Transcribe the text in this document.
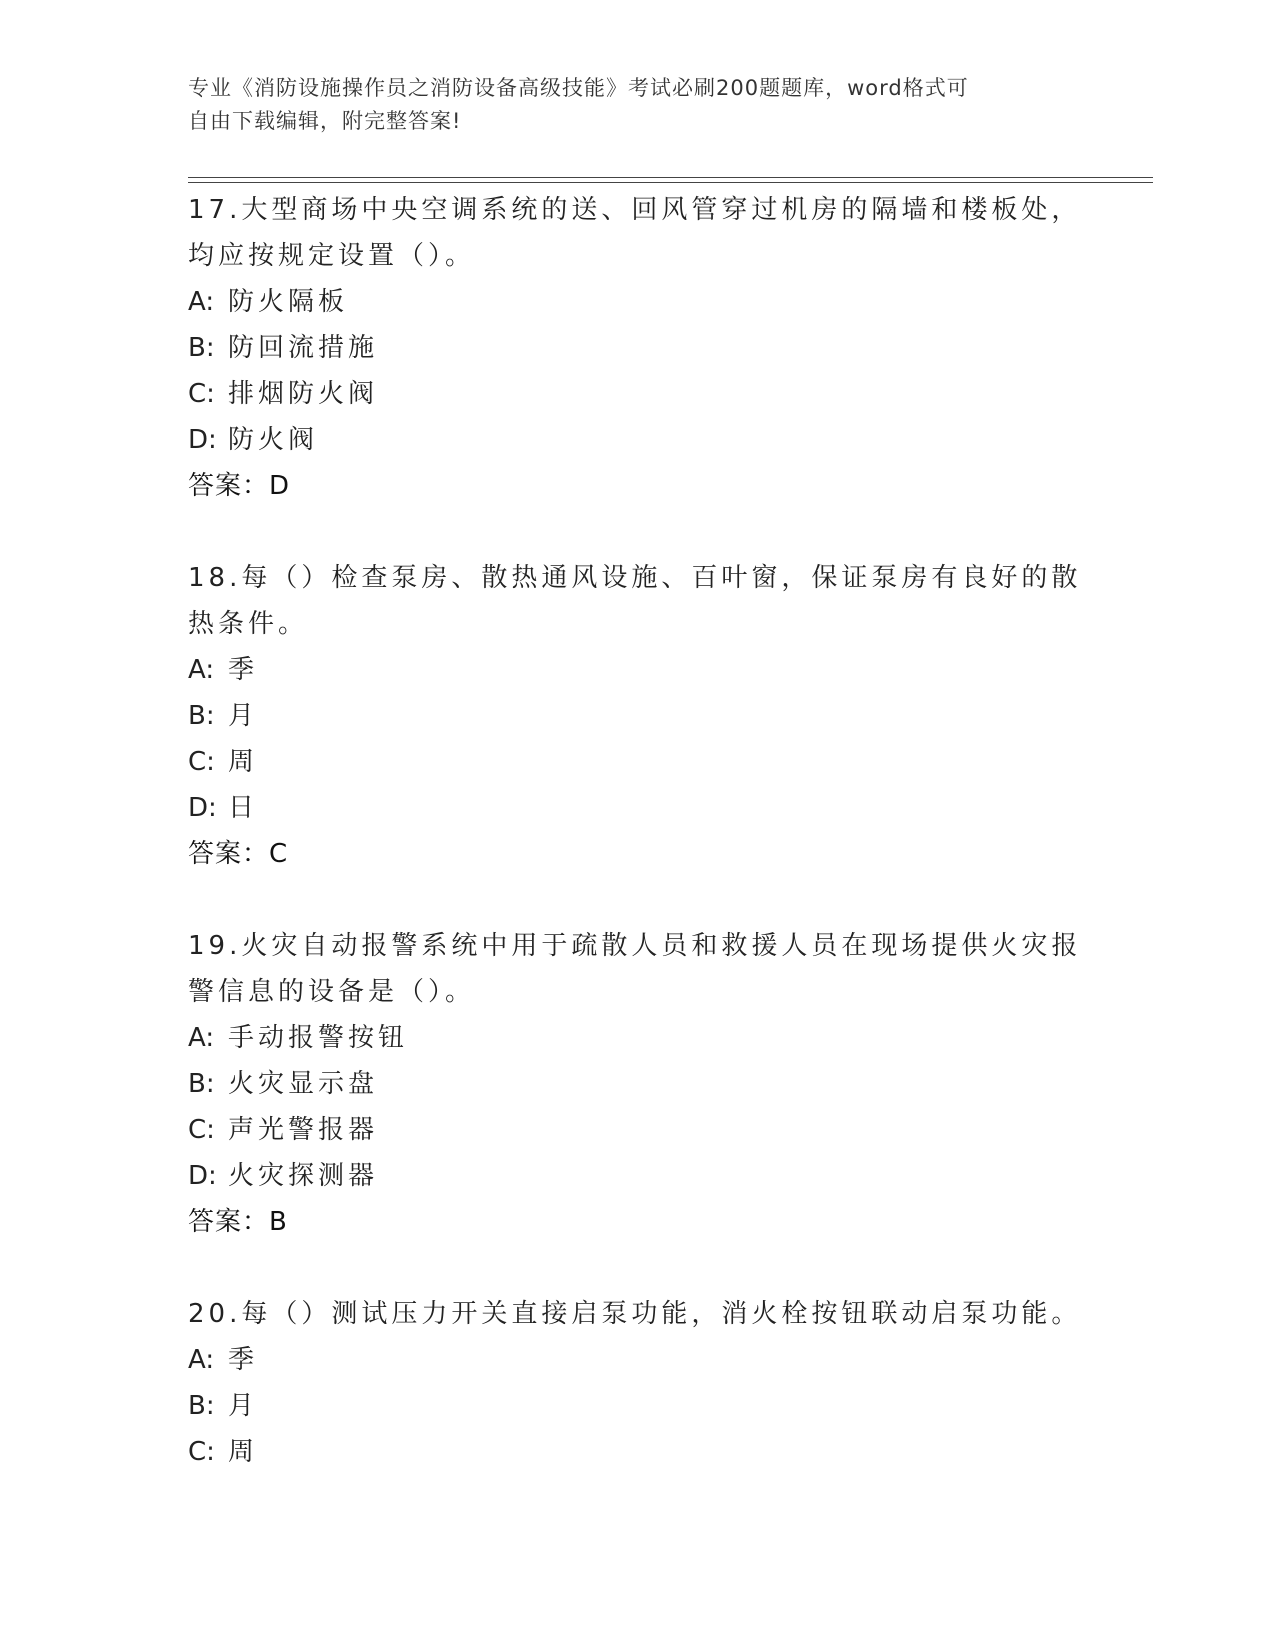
专业《消防设施操作员之消防设备高级技能》考试必刷200题题库，word格式可
自由下载编辑，附完整答案!
17.大型商场中央空调系统的送、回风管穿过机房的隔墙和楼板处，均应按规定设置（）。
A: 防火隔板
B: 防回流措施
C: 排烟防火阀
D: 防火阀
答案：D
18.每（）检查泵房、散热通风设施、百叶窗，保证泵房有良好的散热条件。
A: 季
B: 月
C: 周
D: 日
答案：C
19.火灾自动报警系统中用于疏散人员和救援人员在现场提供火灾报警信息的设备是（）。
A: 手动报警按钮
B: 火灾显示盘
C: 声光警报器
D: 火灾探测器
答案：B
20.每（）测试压力开关直接启泵功能，消火栓按钮联动启泵功能。
A: 季
B: 月
C: 周
